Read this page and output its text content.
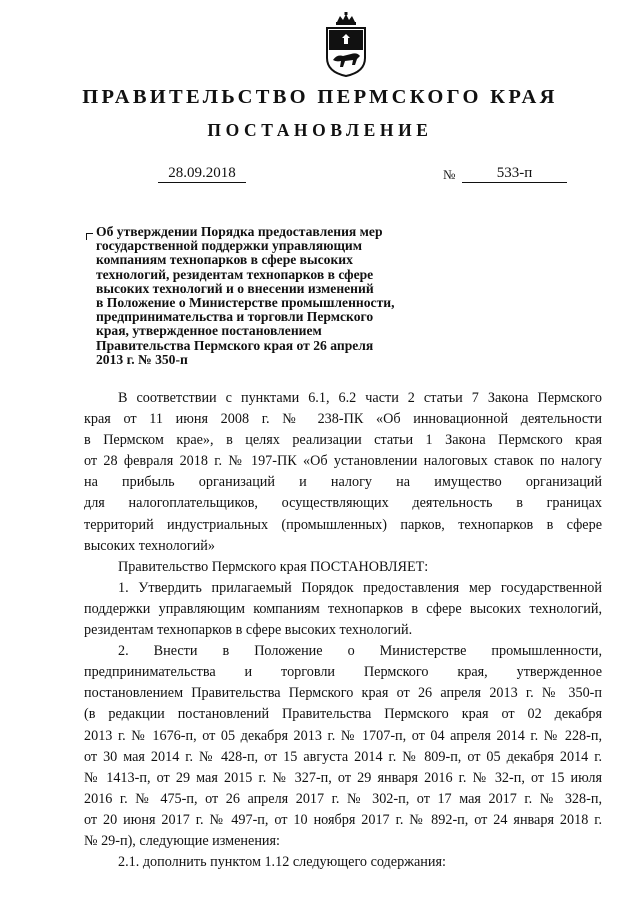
ПРАВИТЕЛЬСТВО ПЕРМСКОГО КРАЯ
ПОСТАНОВЛЕНИЕ
28.09.2018	№	533-п
Об утверждении Порядка предоставления мер
государственной поддержки управляющим
компаниям технопарков в сфере высоких
технологий, резидентам технопарков в сфере
высоких технологий и о внесении изменений
в Положение о Министерстве промышленности,
предпринимательства и торговли Пермского
края, утвержденное постановлением
Правительства Пермского края от 26 апреля
2013 г. № 350-п
В соответствии с пунктами 6.1, 6.2 части 2 статьи 7 Закона Пермского
края от 11 июня 2008 г. № 238-ПК «Об инновационной деятельности
в Пермском крае», в целях реализации статьи 1 Закона Пермского края
от 28 февраля 2018 г. № 197-ПК «Об установлении налоговых ставок по налогу
на прибыль организаций и налогу на имущество организаций
для налогоплательщиков, осуществляющих деятельность в границах
территорий индустриальных (промышленных) парков, технопарков в сфере
высоких технологий»
Правительство Пермского края ПОСТАНОВЛЯЕТ:
1. Утвердить прилагаемый Порядок предоставления мер государственной
поддержки управляющим компаниям технопарков в сфере высоких технологий,
резидентам технопарков в сфере высоких технологий.
2. Внести в Положение о Министерстве промышленности,
предпринимательства и торговли Пермского края, утвержденное
постановлением Правительства Пермского края от 26 апреля 2013 г. № 350-п
(в редакции постановлений Правительства Пермского края от 02 декабря
2013 г. № 1676-п, от 05 декабря 2013 г. № 1707-п, от 04 апреля 2014 г. № 228-п,
от 30 мая 2014 г. № 428-п, от 15 августа 2014 г. № 809-п, от 05 декабря 2014 г.
№ 1413-п, от 29 мая 2015 г. № 327-п, от 29 января 2016 г. № 32-п, от 15 июля
2016 г. № 475-п, от 26 апреля 2017 г. № 302-п, от 17 мая 2017 г. № 328-п,
от 20 июня 2017 г. № 497-п, от 10 ноября 2017 г. № 892-п, от 24 января 2018 г.
№ 29-п), следующие изменения:
2.1. дополнить пунктом 1.12 следующего содержания:
